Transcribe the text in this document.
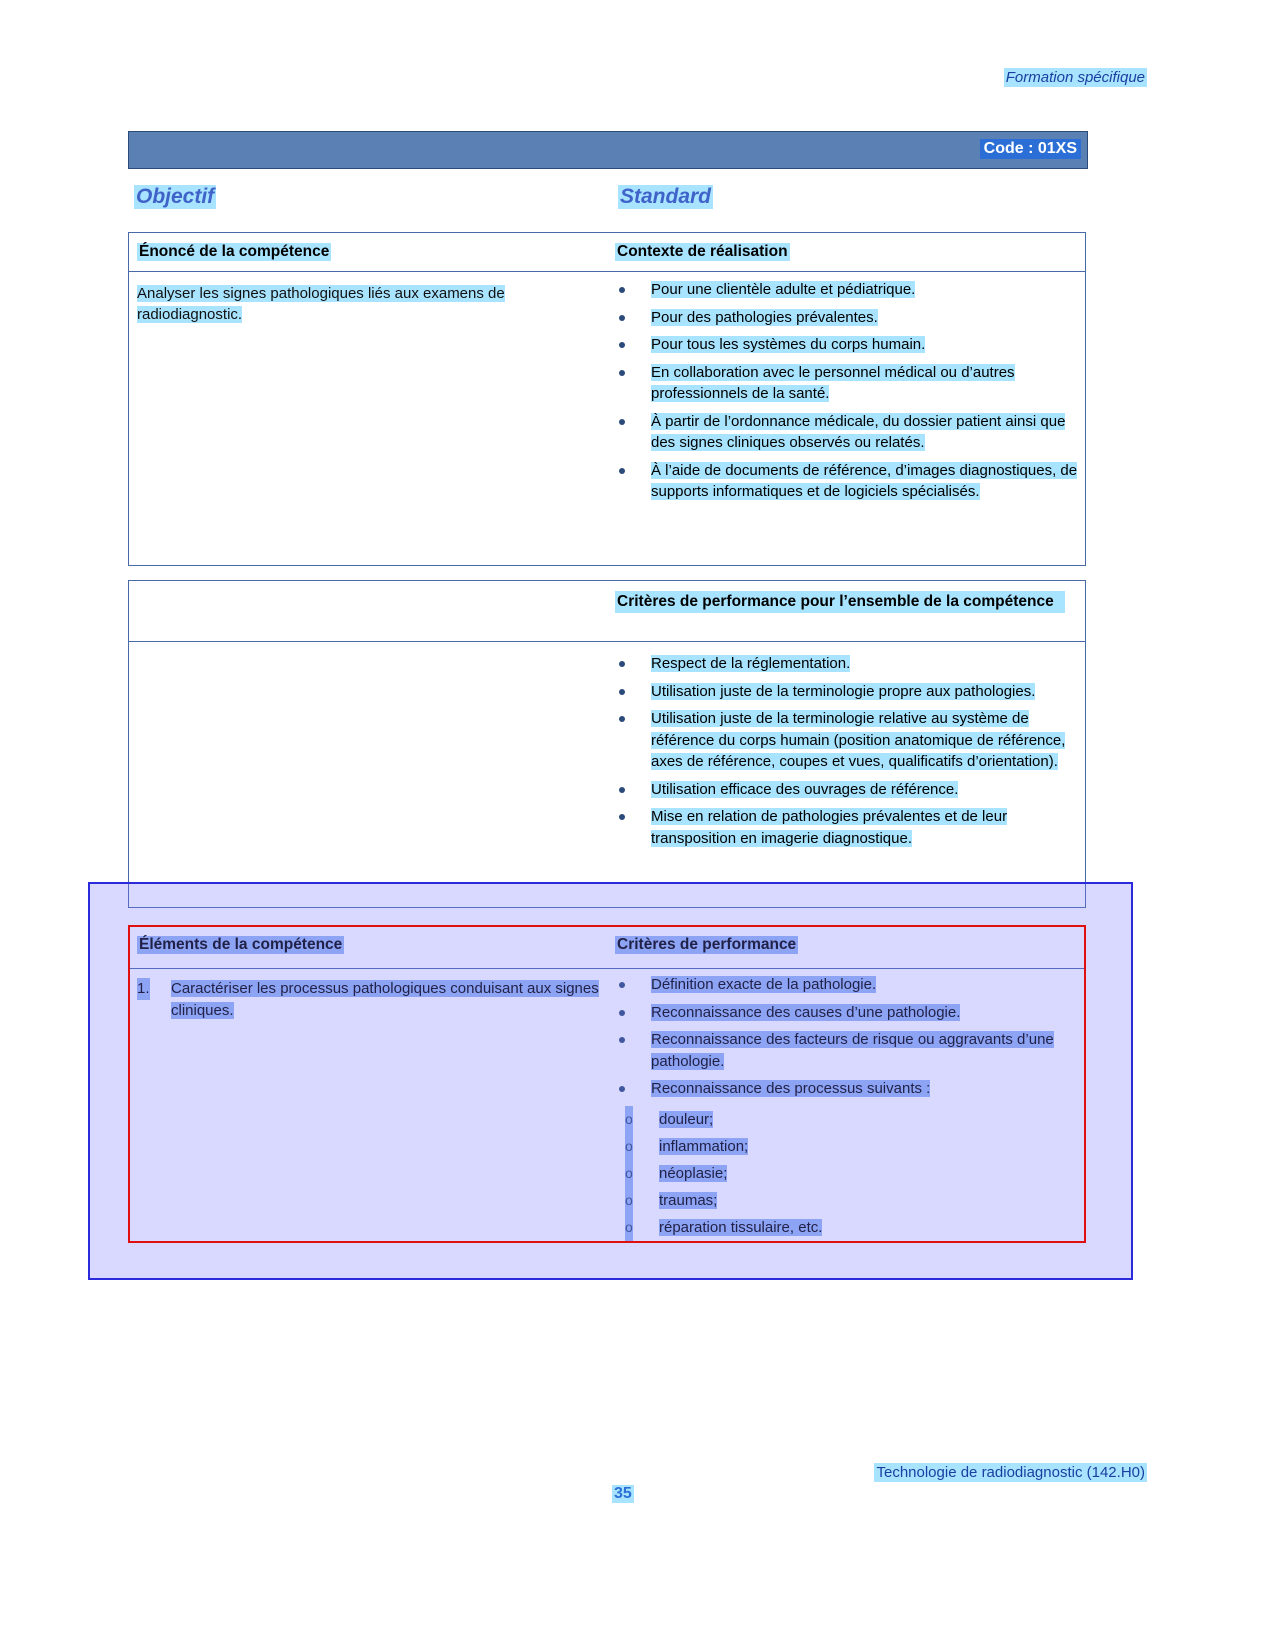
Formation spécifique
Code : 01XS
Objectif	Standard
Énoncé de la compétence	Contexte de réalisation
Analyser les signes pathologiques liés aux examens de radiodiagnostic.
Pour une clientèle adulte et pédiatrique.
Pour des pathologies prévalentes.
Pour tous les systèmes du corps humain.
En collaboration avec le personnel médical ou d’autres professionnels de la santé.
À partir de l’ordonnance médicale, du dossier patient ainsi que des signes cliniques observés ou relatés.
À l’aide de documents de référence, d’images diagnostiques, de supports informatiques et de logiciels spécialisés.
Critères de performance pour l’ensemble de la compétence
Respect de la réglementation.
Utilisation juste de la terminologie propre aux pathologies.
Utilisation juste de la terminologie relative au système de référence du corps humain (position anatomique de référence, axes de référence, coupes et vues, qualificatifs d’orientation).
Utilisation efficace des ouvrages de référence.
Mise en relation de pathologies prévalentes et de leur transposition en imagerie diagnostique.
Éléments de la compétence	Critères de performance
1. Caractériser les processus pathologiques conduisant aux signes cliniques.
Définition exacte de la pathologie.
Reconnaissance des causes d’une pathologie.
Reconnaissance des facteurs de risque ou aggravants d’une pathologie.
Reconnaissance des processus suivants :
o douleur;
o inflammation;
o néoplasie;
o traumas;
o réparation tissulaire, etc.
35
Technologie de radiodiagnostic (142.H0)
